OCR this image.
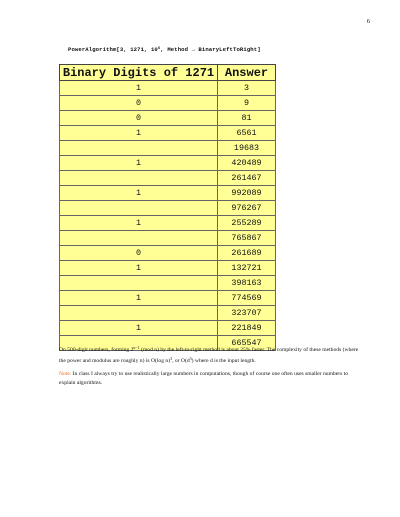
6
PowerAlgorithm[3, 1271, $10^6$, Method → BinaryLeftToRight]
Binary Digits of 1271	Answer
1	3
0	9
0	81
1	6561
	19683
1	420489
	261467
1	992089
	976267
1	255289
	765867
0	261689
1	132721
	398163
1	774569
	323707
1	221849
	665547
On 500-digit numbers, forming $2^{n-1}$ (mod n) by the left-to-right method is about 25% faster. The complexity of these methods (where the power and modulus are roughly n) is O(log n)$^3$, or $O(d^3)$ where d is the input length.
Note. In class I always try to use realistically large numbers in computations, though of course one often uses smaller numbers to explain algorithms.
